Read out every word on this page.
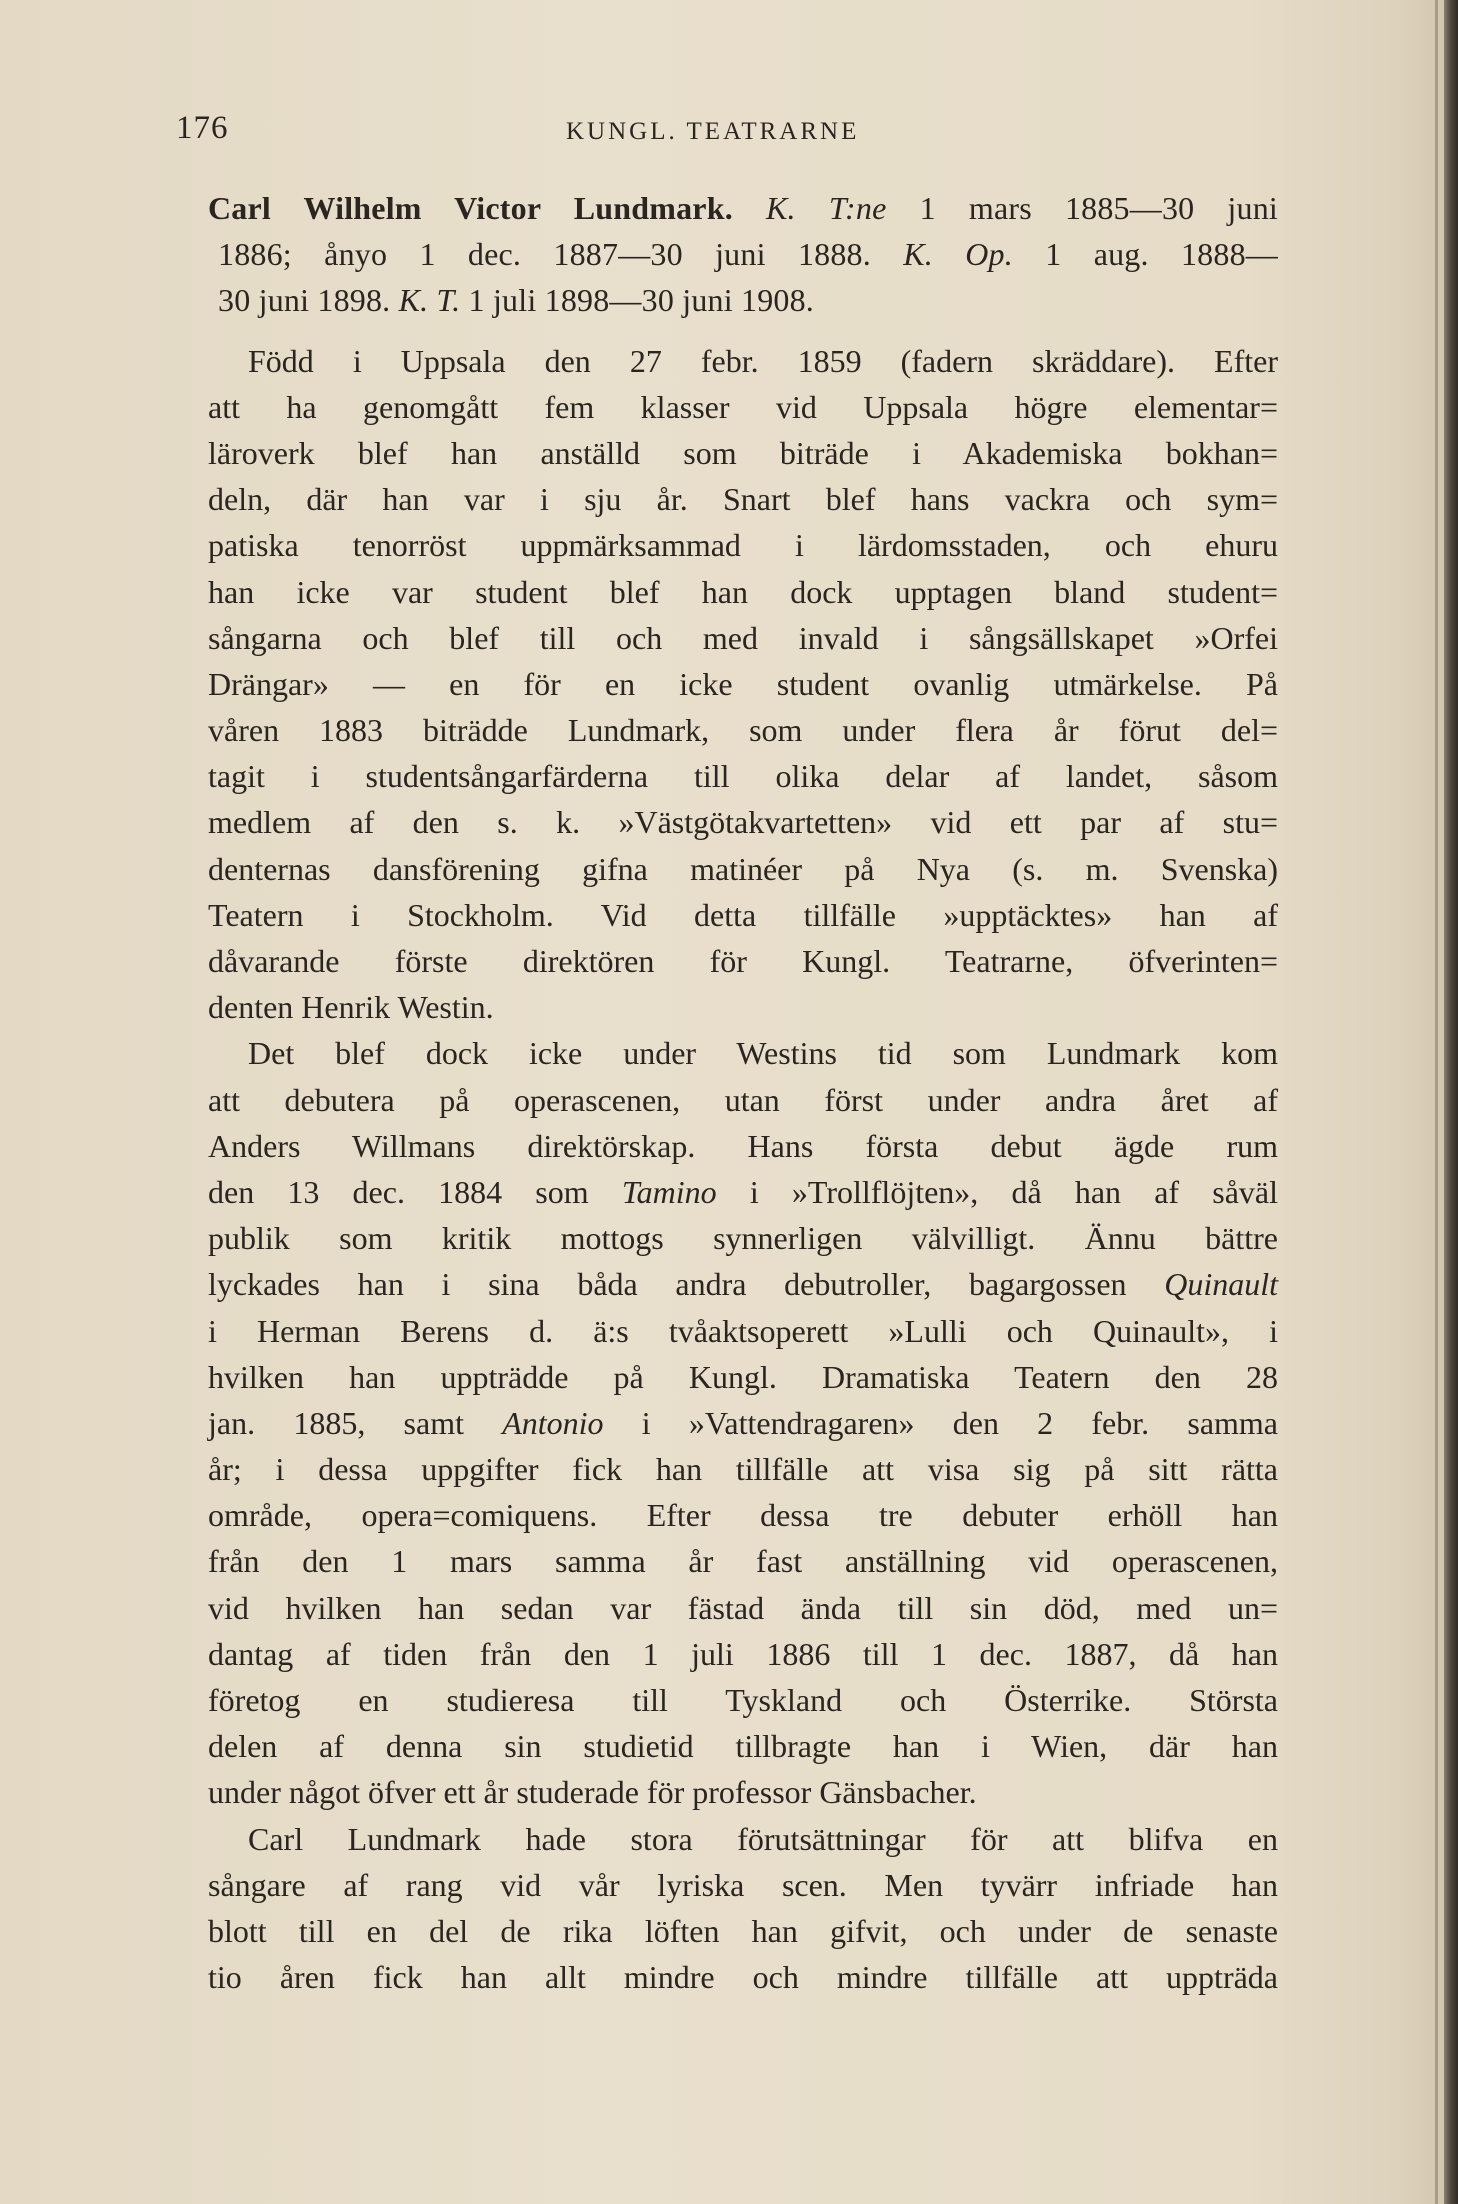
176	KUNGL. TEATRARNE
Carl Wilhelm Victor Lundmark. K. T:ne 1 mars 1885—30 juni
1886; ånyo 1 dec. 1887—30 juni 1888. K. Op. 1 aug. 1888—
30 juni 1898. K. T. 1 juli 1898—30 juni 1908.
Född i Uppsala den 27 febr. 1859 (fadern skräddare). Efter
att ha genomgått fem klasser vid Uppsala högre elementar=
läroverk blef han anställd som biträde i Akademiska bokhan=
deln, där han var i sju år. Snart blef hans vackra och sym=
patiska tenorröst uppmärksammad i lärdomsstaden, och ehuru
han icke var student blef han dock upptagen bland student=
sångarna och blef till och med invald i sångsällskapet »Orfei
Drängar» — en för en icke student ovanlig utmärkelse. På
våren 1883 biträdde Lundmark, som under flera år förut del=
tagit i studentsångarfärderna till olika delar af landet, såsom
medlem af den s. k. »Västgötakvartetten» vid ett par af stu=
denternas dansförening gifna matinéer på Nya (s. m. Svenska)
Teatern i Stockholm. Vid detta tillfälle »upptäcktes» han af
dåvarande förste direktören för Kungl. Teatrarne, öfverinten=
denten Henrik Westin.
Det blef dock icke under Westins tid som Lundmark kom
att debutera på operascenen, utan först under andra året af
Anders Willmans direktörskap. Hans första debut ägde rum
den 13 dec. 1884 som Tamino i »Trollflöjten», då han af såväl
publik som kritik mottogs synnerligen välvilligt. Ännu bättre
lyckades han i sina båda andra debutroller, bagargossen Quinault
i Herman Berens d. ä:s tvåaktsoperett »Lulli och Quinault», i
hvilken han uppträdde på Kungl. Dramatiska Teatern den 28
jan. 1885, samt Antonio i »Vattendragaren» den 2 febr. samma
år; i dessa uppgifter fick han tillfälle att visa sig på sitt rätta
område, opera=comiquens. Efter dessa tre debuter erhöll han
från den 1 mars samma år fast anställning vid operascenen,
vid hvilken han sedan var fästad ända till sin död, med un=
dantag af tiden från den 1 juli 1886 till 1 dec. 1887, då han
företog en studieresa till Tyskland och Österrike. Största
delen af denna sin studietid tillbragte han i Wien, där han
under något öfver ett år studerade för professor Gänsbacher.
Carl Lundmark hade stora förutsättningar för att blifva en
sångare af rang vid vår lyriska scen. Men tyvärr infriade han
blott till en del de rika löften han gifvit, och under de senaste
tio åren fick han allt mindre och mindre tillfälle att uppträda
